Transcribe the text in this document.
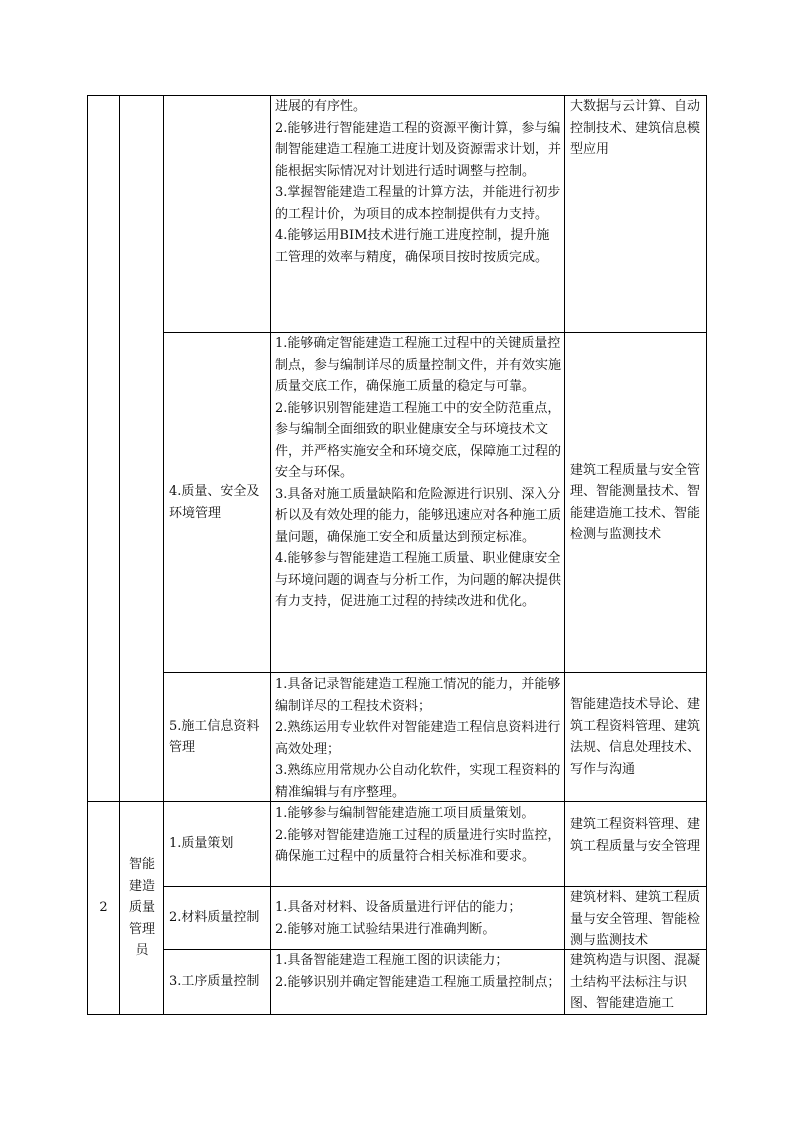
进展的有序性。

2.能够进行智能建造工程的资源平衡计算，参与编制智能建造工程施工进度计划及资源需求计划，并能根据实际情况对计划进行适时调整与控制。

3.掌握智能建造工程量的计算方法，并能进行初步的工程计价，为项目的成本控制提供有力支持。

4.能够运用BIM技术进行施工进度控制，提升施工管理的效率与精度，确保项目按时按质完成。

大数据与云计算、自动控制技术、建筑信息模型应用

4.质量、安全及环境管理

1.能够确定智能建造工程施工过程中的关键质量控制点，参与编制详尽的质量控制文件，并有效实施质量交底工作，确保施工质量的稳定与可靠。

2.能够识别智能建造工程施工中的安全防范重点，参与编制全面细致的职业健康安全与环境技术文件，并严格实施安全和环境交底，保障施工过程的安全与环保。

3.具备对施工质量缺陷和危险源进行识别、深入分析以及有效处理的能力，能够迅速应对各种施工质量问题，确保施工安全和质量达到预定标准。

4.能够参与智能建造工程施工质量、职业健康安全与环境问题的调查与分析工作，为问题的解决提供有力支持，促进施工过程的持续改进和优化。

建筑工程质量与安全管理、智能测量技术、智能建造施工技术、智能检测与监测技术

5.施工信息资料管理

1.具备记录智能建造工程施工情况的能力，并能够编制详尽的工程技术资料；

2.熟练运用专业软件对智能建造工程信息资料进行高效处理；

3.熟练应用常规办公自动化软件，实现工程资料的精准编辑与有序整理。

智能建造技术导论、建筑工程资料管理、建筑法规、信息处理技术、写作与沟通

2

智能建造质量管理员

1.质量策划

1.能够参与编制智能建造施工项目质量策划。

2.能够对智能建造施工过程的质量进行实时监控，确保施工过程中的质量符合相关标准和要求。

建筑工程资料管理、建筑工程质量与安全管理

2.材料质量控制

1.具备对材料、设备质量进行评估的能力；

2.能够对施工试验结果进行准确判断。

建筑材料、建筑工程质量与安全管理、智能检测与监测技术

3.工序质量控制

1.具备智能建造工程施工图的识读能力；

2.能够识别并确定智能建造工程施工质量控制点；

建筑构造与识图、混凝土结构平法标注与识图、智能建造施工
